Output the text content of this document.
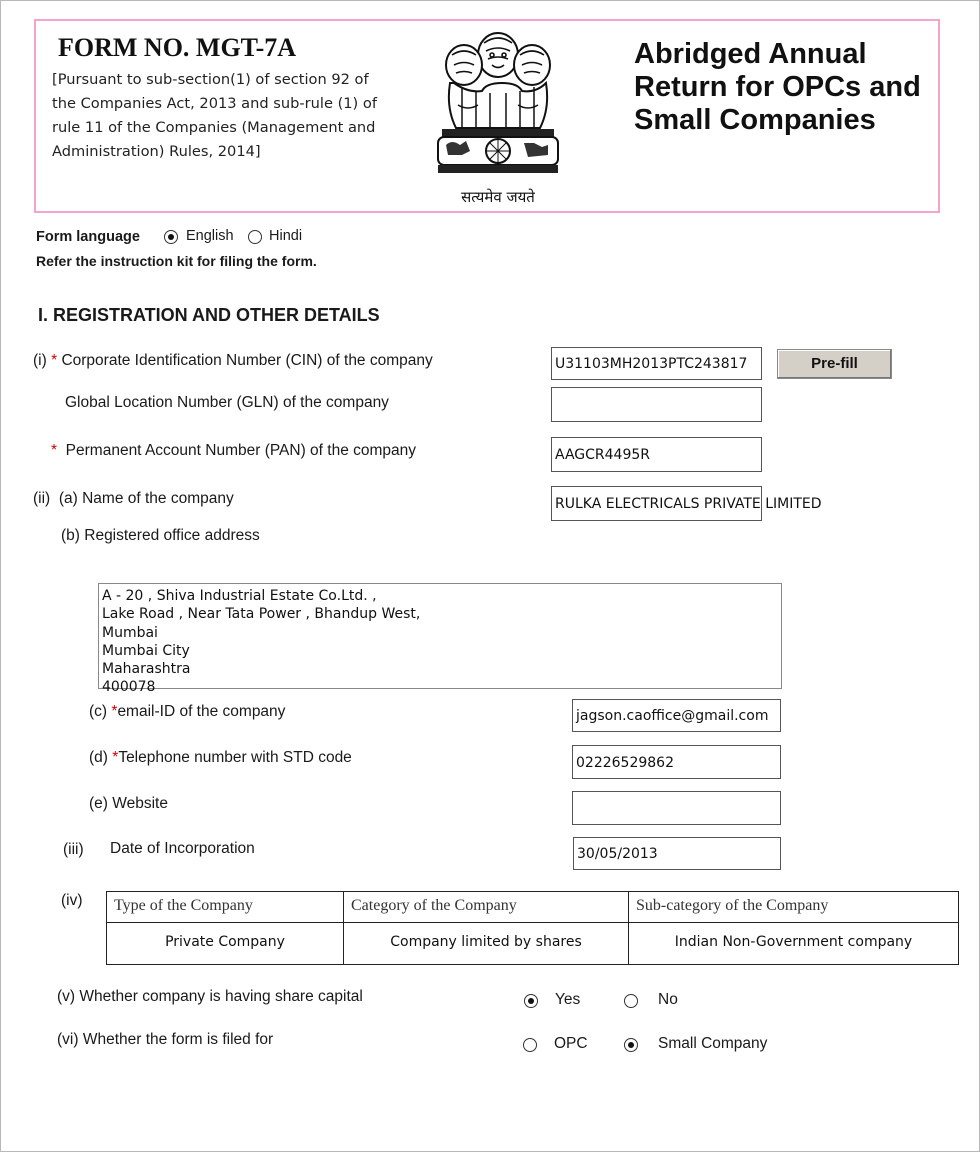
FORM NO. MGT-7A
[Pursuant to sub-section(1) of section 92 of
the Companies Act, 2013 and sub-rule (1) of
rule 11 of the Companies (Management and
Administration) Rules, 2014]
सत्यमेव जयते
Abridged Annual
Return for OPCs and
Small Companies
Form language	English Hindi
Refer the instruction kit for filing the form.
I. REGISTRATION AND OTHER DETAILS
(i) * Corporate Identification Number (CIN) of the company	U31103MH2013PTC243817	Pre-fill
Global Location Number (GLN) of the company
* Permanent Account Number (PAN) of the company	AAGCR4495R
(ii) (a) Name of the company	RULKA ELECTRICALS PRIVATE LIMITED
(b) Registered office address
A - 20 , Shiva Industrial Estate Co.Ltd. ,
Lake Road , Near Tata Power , Bhandup West,
Mumbai
Mumbai City
Maharashtra
400078
(c) *email-ID of the company	jagson.caoffice@gmail.com
(d) *Telephone number with STD code	02226529862
(e) Website
(iii) Date of Incorporation	30/05/2013
(iv) Type of the Company	Category of the Company	Sub-category of the Company
Private Company	Company limited by shares	Indian Non-Government company
(v) Whether company is having share capital	Yes	No
(vi) Whether the form is filed for	OPC	Small Company
